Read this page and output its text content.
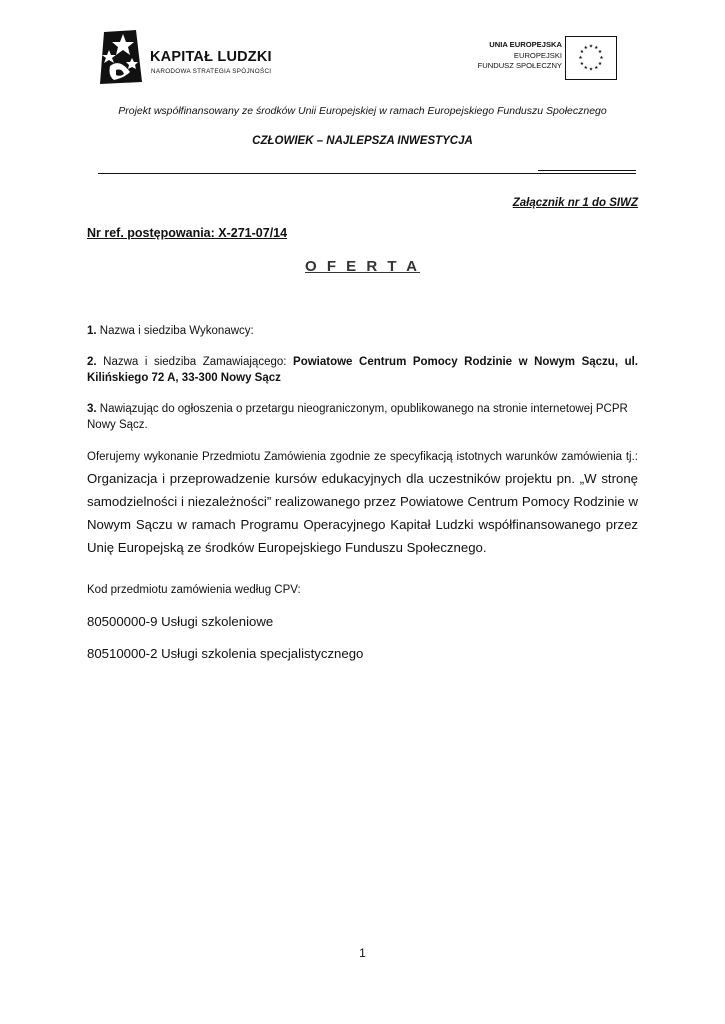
KAPITAŁ LUDZKI
NARODOWA STRATEGIA SPÓJNOŚCI
UNIA EUROPEJSKA
EUROPEJSKI
FUNDUSZ SPOŁECZNY
★ ★
★
★
★
★
★
★
★
★
★
★
Projekt współfinansowany ze środków Unii Europejskiej w ramach Europejskiego Funduszu Społecznego
CZŁOWIEK – NAJLEPSZA INWESTYCJA
Załącznik nr 1 do SIWZ
Nr ref. postępowania: X-271-07/14
O F E R T A
1. Nazwa i siedziba Wykonawcy:
2. Nazwa i siedziba Zamawiającego: Powiatowe Centrum Pomocy Rodzinie w Nowym Sączu, ul. Kilińskiego 72 A, 33-300 Nowy Sącz
3. Nawiązując do ogłoszenia o przetargu nieograniczonym, opublikowanego na stronie internetowej PCPR Nowy Sącz.
Oferujemy wykonanie Przedmiotu Zamówienia zgodnie ze specyfikacją istotnych warunków zamówienia tj.: Organizacja i przeprowadzenie kursów edukacyjnych dla uczestników projektu pn. „W stronę samodzielności i niezależności” realizowanego przez Powiatowe Centrum Pomocy Rodzinie w Nowym Sączu w ramach Programu Operacyjnego Kapitał Ludzki współfinansowanego przez Unię Europejską ze środków Europejskiego Funduszu Społecznego.
Kod przedmiotu zamówienia według CPV:
80500000-9 Usługi szkoleniowe
80510000-2 Usługi szkolenia specjalistycznego
1
